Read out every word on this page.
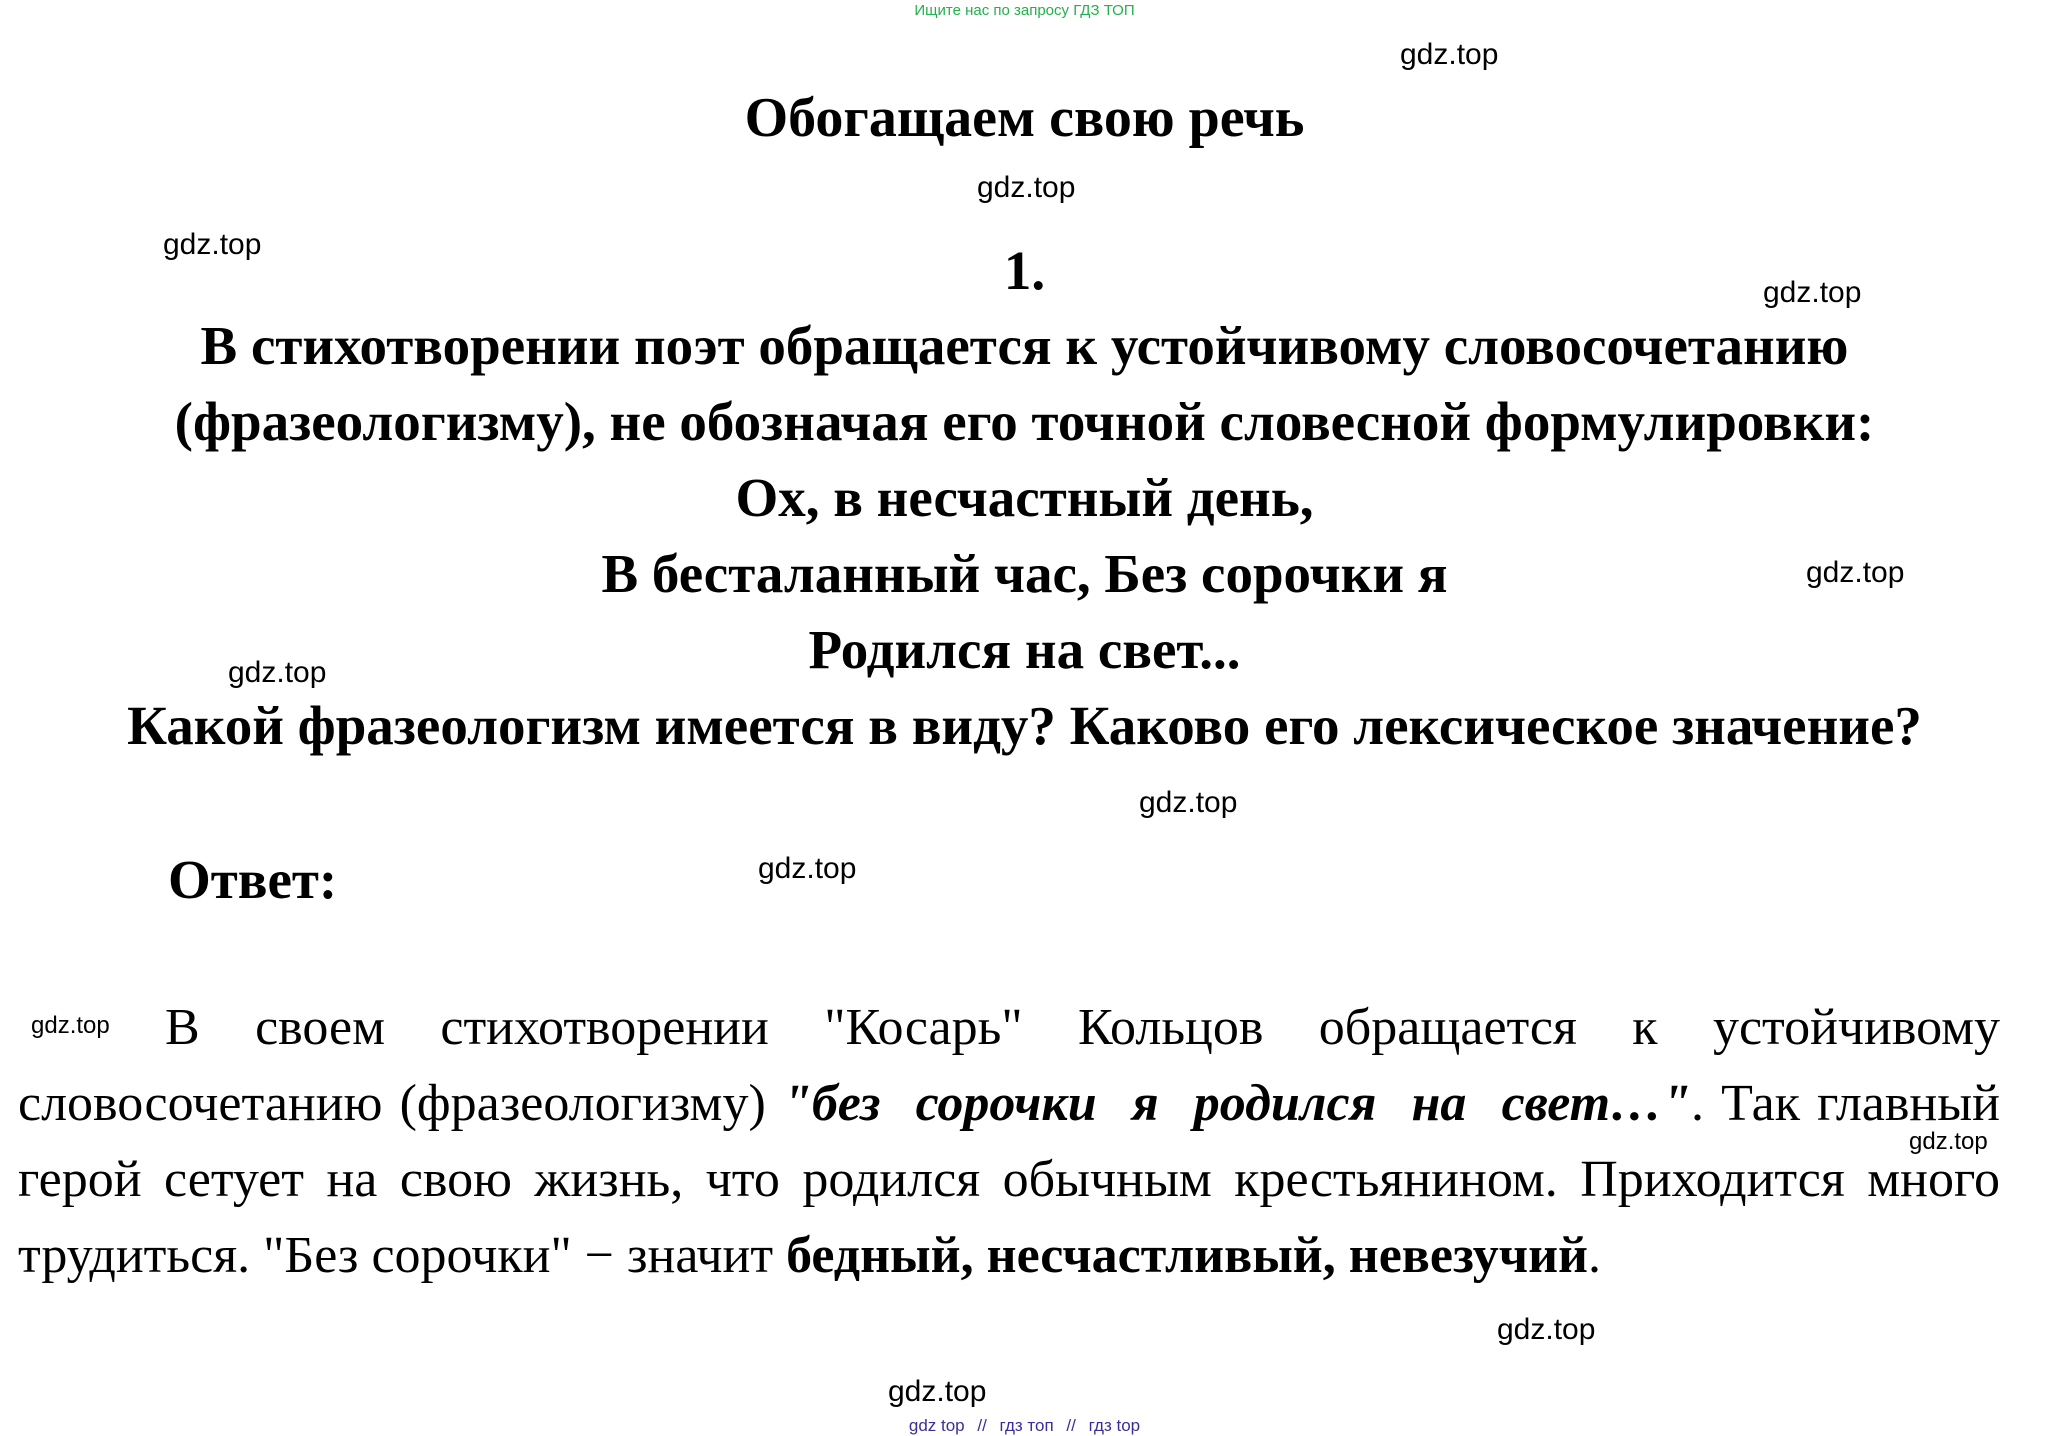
Ищите нас по запросу ГДЗ ТОП
gdz.top
gdz.top
gdz.top
gdz.top
gdz.top
gdz.top
gdz.top
gdz.top
gdz.top
gdz.top
gdz.top
gdz.top
Обогащаем свою речь
1.
В стихотворении поэт обращается к устойчивому словосочетанию
(фразеологизму), не обозначая его точной словесной формулировки:
Ох, в несчастный день,
В бесталанный час, Без сорочки я
Родился на свет...
Какой фразеологизм имеется в виду? Каково его лексическое значение?
Ответ:
В своем стихотворении "Косарь" Кольцов обращается к устойчивому словосочетанию (фразеологизму) "без сорочки я родился на свет…". Так главный герой сетует на свою жизнь, что родился обычным крестьянином. Приходится много трудиться. "Без сорочки" − значит бедный, несчастливый, невезучий.
gdz top // гдз топ // гдз top
